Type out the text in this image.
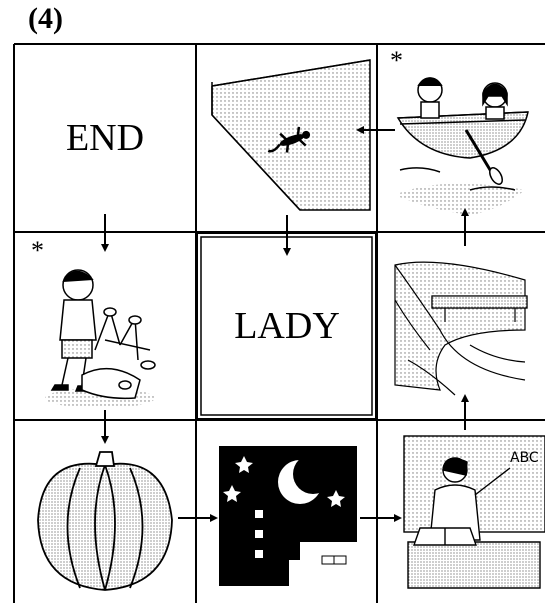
(4)
ABC
END
LADY
*
*
